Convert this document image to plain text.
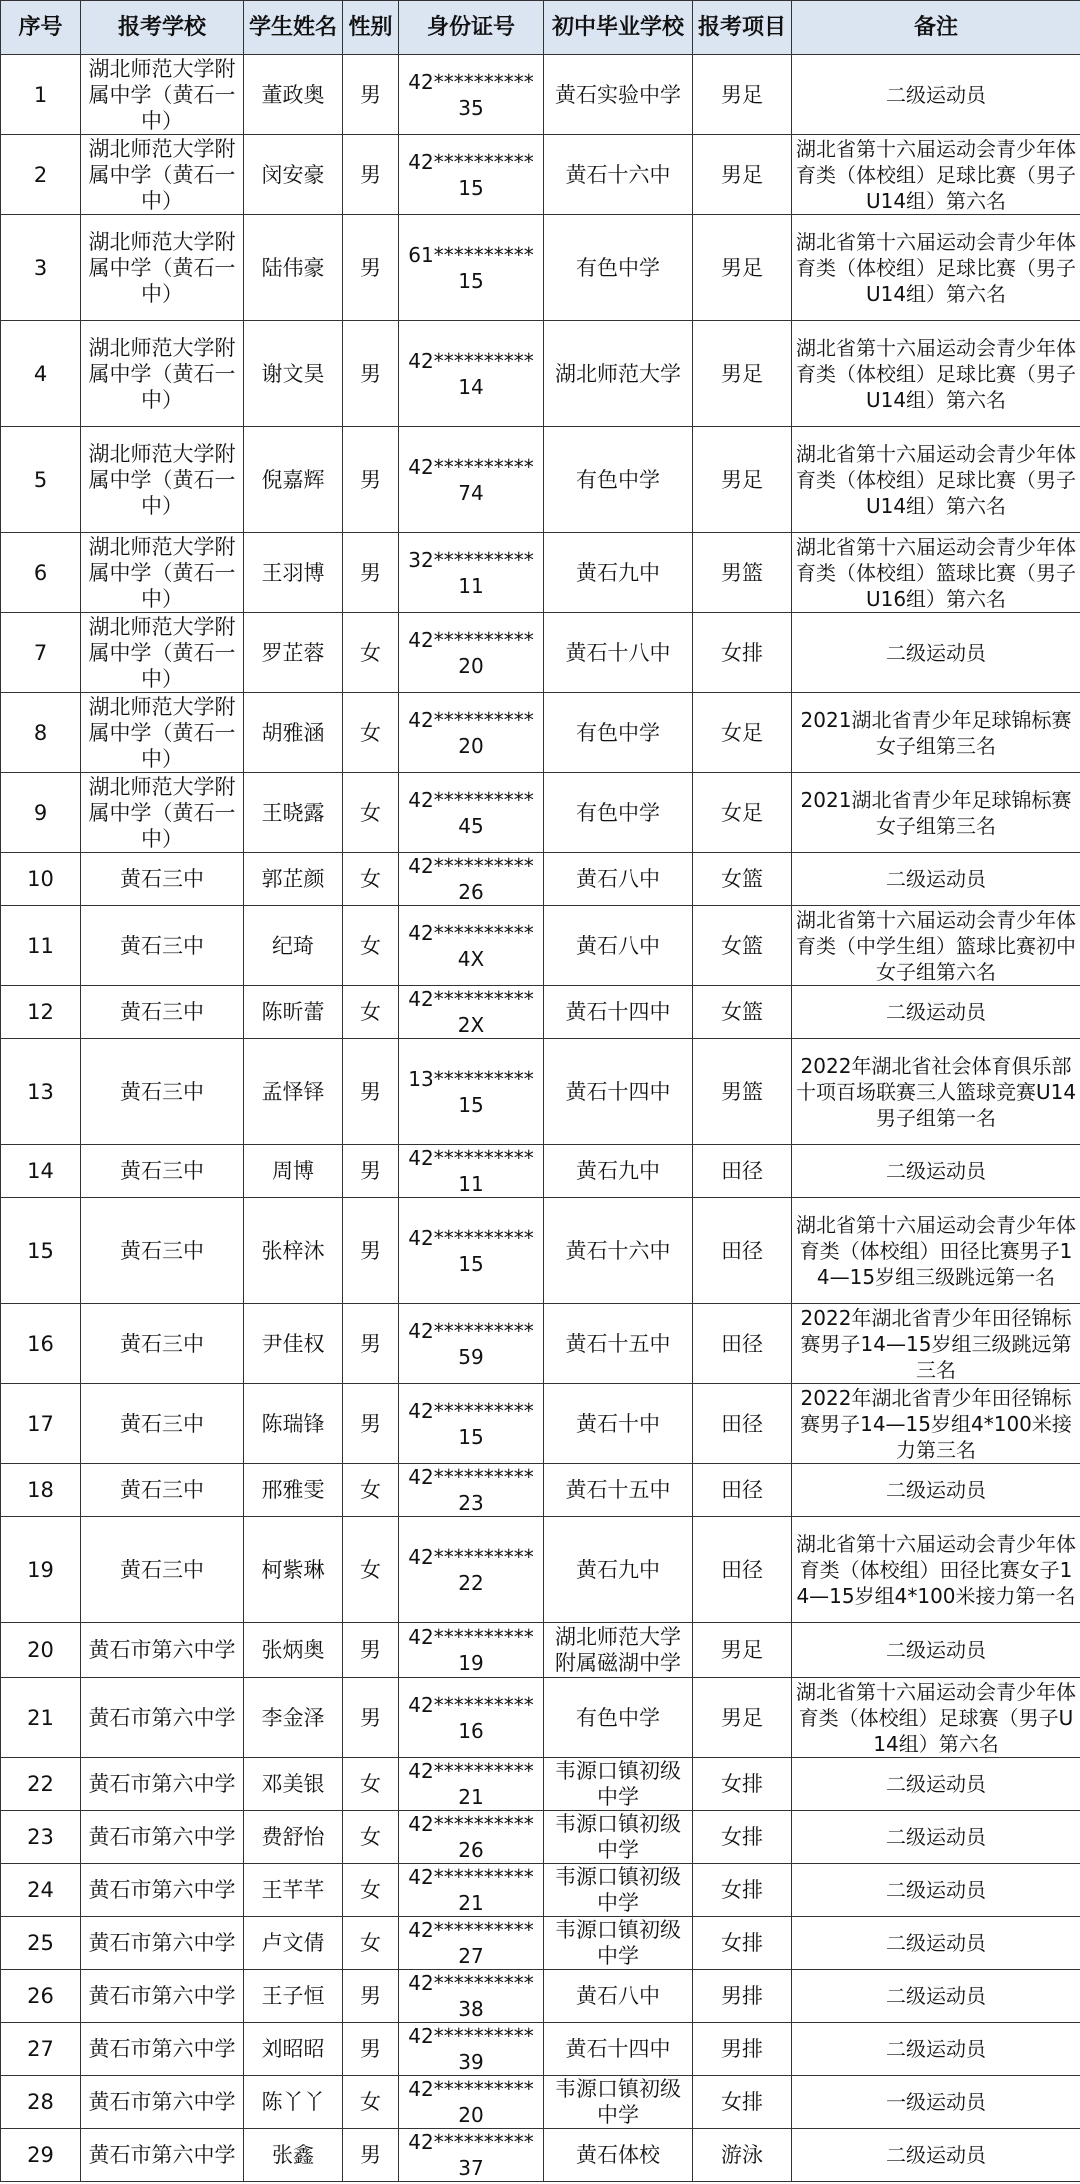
序号	报考学校	学生姓名	性别	身份证号	初中毕业学校	报考项目	备注
1	湖北师范大学附属中学（黄石一中）	董政奥	男	42**********35	黄石实验中学	男足	二级运动员
2	湖北师范大学附属中学（黄石一中）	闵安豪	男	42**********15	黄石十六中	男足	湖北省第十六届运动会青少年体育类（体校组）足球比赛（男子U14组）第六名
3	湖北师范大学附属中学（黄石一中）	陆伟豪	男	61**********15	有色中学	男足	湖北省第十六届运动会青少年体育类（体校组）足球比赛（男子U14组）第六名
4	湖北师范大学附属中学（黄石一中）	谢文昊	男	42**********14	湖北师范大学	男足	湖北省第十六届运动会青少年体育类（体校组）足球比赛（男子U14组）第六名
5	湖北师范大学附属中学（黄石一中）	倪嘉辉	男	42**********74	有色中学	男足	湖北省第十六届运动会青少年体育类（体校组）足球比赛（男子U14组）第六名
6	湖北师范大学附属中学（黄石一中）	王羽博	男	32**********11	黄石九中	男篮	湖北省第十六届运动会青少年体育类（体校组）篮球比赛（男子U16组）第六名
7	湖北师范大学附属中学（黄石一中）	罗芷蓉	女	42**********20	黄石十八中	女排	二级运动员
8	湖北师范大学附属中学（黄石一中）	胡雅涵	女	42**********20	有色中学	女足	2021湖北省青少年足球锦标赛女子组第三名
9	湖北师范大学附属中学（黄石一中）	王晓露	女	42**********45	有色中学	女足	2021湖北省青少年足球锦标赛女子组第三名
10	黄石三中	郭芷颜	女	42**********26	黄石八中	女篮	二级运动员
11	黄石三中	纪琦	女	42**********4X	黄石八中	女篮	湖北省第十六届运动会青少年体育类（中学生组）篮球比赛初中女子组第六名
12	黄石三中	陈昕蕾	女	42**********2X	黄石十四中	女篮	二级运动员
13	黄石三中	孟怿铎	男	13**********15	黄石十四中	男篮	2022年湖北省社会体育俱乐部十项百场联赛三人篮球竞赛U14男子组第一名
14	黄石三中	周博	男	42**********11	黄石九中	田径	二级运动员
15	黄石三中	张梓沐	男	42**********15	黄石十六中	田径	湖北省第十六届运动会青少年体育类（体校组）田径比赛男子14—15岁组三级跳远第一名
16	黄石三中	尹佳权	男	42**********59	黄石十五中	田径	2022年湖北省青少年田径锦标赛男子14—15岁组三级跳远第三名
17	黄石三中	陈瑞锋	男	42**********15	黄石十中	田径	2022年湖北省青少年田径锦标赛男子14—15岁组4*100米接力第三名
18	黄石三中	邢雅雯	女	42**********23	黄石十五中	田径	二级运动员
19	黄石三中	柯紫琳	女	42**********22	黄石九中	田径	湖北省第十六届运动会青少年体育类（体校组）田径比赛女子14—15岁组4*100米接力第一名
20	黄石市第六中学	张炳奥	男	42**********19	湖北师范大学附属磁湖中学	男足	二级运动员
21	黄石市第六中学	李金泽	男	42**********16	有色中学	男足	湖北省第十六届运动会青少年体育类（体校组）足球赛（男子U14组）第六名
22	黄石市第六中学	邓美银	女	42**********21	韦源口镇初级中学	女排	二级运动员
23	黄石市第六中学	费舒怡	女	42**********26	韦源口镇初级中学	女排	二级运动员
24	黄石市第六中学	王芊芊	女	42**********21	韦源口镇初级中学	女排	二级运动员
25	黄石市第六中学	卢文倩	女	42**********27	韦源口镇初级中学	女排	二级运动员
26	黄石市第六中学	王子恒	男	42**********38	黄石八中	男排	二级运动员
27	黄石市第六中学	刘昭昭	男	42**********39	黄石十四中	男排	二级运动员
28	黄石市第六中学	陈丫丫	女	42**********20	韦源口镇初级中学	女排	一级运动员
29	黄石市第六中学	张鑫	男	42**********37	黄石体校	游泳	二级运动员
